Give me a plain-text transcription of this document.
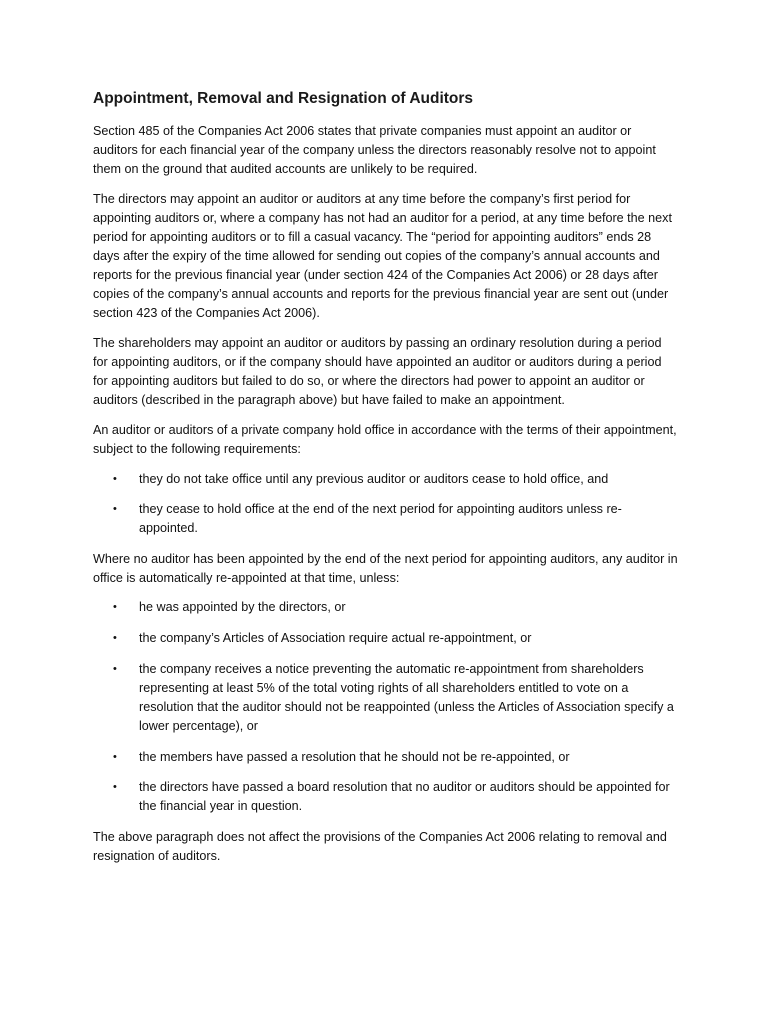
Appointment, Removal and Resignation of Auditors

Section 485 of the Companies Act 2006 states that private companies must appoint an auditor or auditors for each financial year of the company unless the directors reasonably resolve not to appoint them on the ground that audited accounts are unlikely to be required.

The directors may appoint an auditor or auditors at any time before the company’s first period for appointing auditors or, where a company has not had an auditor for a period, at any time before the next period for appointing auditors or to fill a casual vacancy. The “period for appointing auditors” ends 28 days after the expiry of the time allowed for sending out copies of the company’s annual accounts and reports for the previous financial year (under section 424 of the Companies Act 2006) or 28 days after copies of the company’s annual accounts and reports for the previous financial year are sent out (under section 423 of the Companies Act 2006).

The shareholders may appoint an auditor or auditors by passing an ordinary resolution during a period for appointing auditors, or if the company should have appointed an auditor or auditors during a period for appointing auditors but failed to do so, or where the directors had power to appoint an auditor or auditors (described in the paragraph above) but have failed to make an appointment.

An auditor or auditors of a private company hold office in accordance with the terms of their appointment, subject to the following requirements:

• they do not take office until any previous auditor or auditors cease to hold office, and
• they cease to hold office at the end of the next period for appointing auditors unless re-appointed.

Where no auditor has been appointed by the end of the next period for appointing auditors, any auditor in office is automatically re-appointed at that time, unless:

• he was appointed by the directors, or
• the company’s Articles of Association require actual re-appointment, or
• the company receives a notice preventing the automatic re-appointment from shareholders representing at least 5% of the total voting rights of all shareholders entitled to vote on a resolution that the auditor should not be reappointed (unless the Articles of Association specify a lower percentage), or
• the members have passed a resolution that he should not be re-appointed, or
• the directors have passed a board resolution that no auditor or auditors should be appointed for the financial year in question.

The above paragraph does not affect the provisions of the Companies Act 2006 relating to removal and resignation of auditors.
